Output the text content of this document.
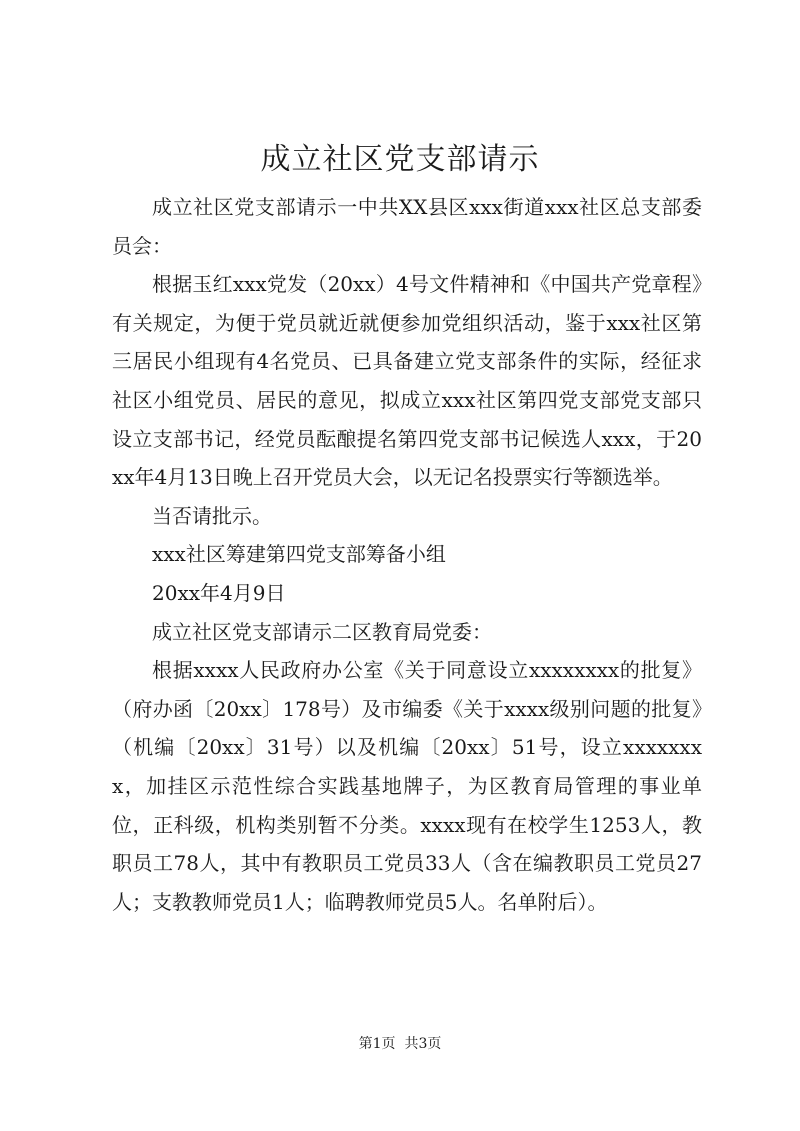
成立社区党支部请示

成立社区党支部请示一中共XX县区xxx街道xxx社区总支部委员会：

根据玉红xxx党发（20xx）4号文件精神和《中国共产党章程》有关规定，为便于党员就近就便参加党组织活动，鉴于xxx社区第三居民小组现有4名党员、已具备建立党支部条件的实际，经征求社区小组党员、居民的意见，拟成立xxx社区第四党支部党支部只设立支部书记，经党员酝酿提名第四党支部书记候选人xxx，于20xx年4月13日晚上召开党员大会，以无记名投票实行等额选举。

当否请批示。

xxx社区筹建第四党支部筹备小组

20xx年4月9日

成立社区党支部请示二区教育局党委：

根据xxxx人民政府办公室《关于同意设立xxxxxxxx的批复》（府办函〔20xx〕178号）及市编委《关于xxxx级别问题的批复》（机编〔20xx〕31号）以及机编〔20xx〕51号，设立xxxxxxxx，加挂区示范性综合实践基地牌子，为区教育局管理的事业单位，正科级，机构类别暂不分类。xxxx现有在校学生1253人，教职员工78人，其中有教职员工党员33人（含在编教职员工党员27人；支教教师党员1人；临聘教师党员5人。名单附后）。

第1页 共3页
